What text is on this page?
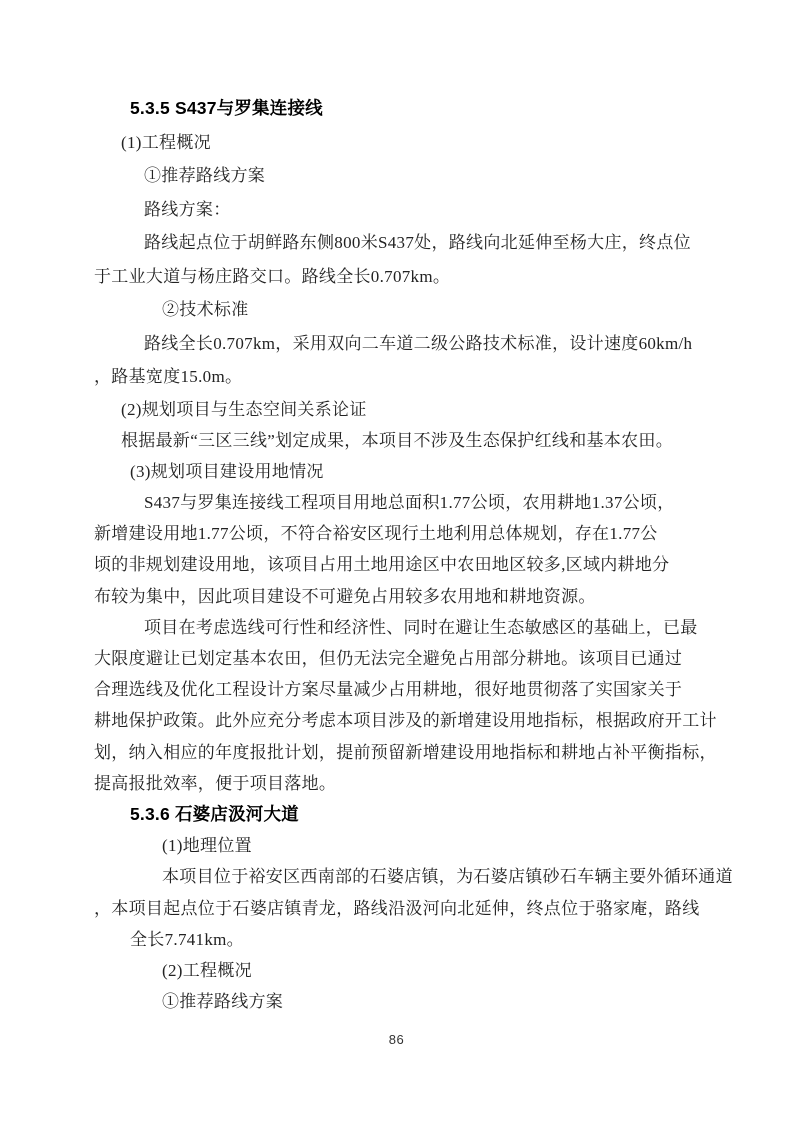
5.3.5 S437与罗集连接线
(1)工程概况
①推荐路线方案
路线方案：
路线起点位于胡鲜路东侧800米S437处，路线向北延伸至杨大庄，终点位
于工业大道与杨庄路交口。路线全长0.707km。
②技术标准
路线全长0.707km，采用双向二车道二级公路技术标准，设计速度60km/h
，路基宽度15.0m。
(2)规划项目与生态空间关系论证
根据最新“三区三线”划定成果，本项目不涉及生态保护红线和基本农田。
(3)规划项目建设用地情况
S437与罗集连接线工程项目用地总面积1.77公顷，农用耕地1.37公顷，
新增建设用地1.77公顷，不符合裕安区现行土地利用总体规划，存在1.77公
顷的非规划建设用地，该项目占用土地用途区中农田地区较多,区域内耕地分
布较为集中，因此项目建设不可避免占用较多农用地和耕地资源。
项目在考虑选线可行性和经济性、同时在避让生态敏感区的基础上，已最
大限度避让已划定基本农田，但仍无法完全避免占用部分耕地。该项目已通过
合理选线及优化工程设计方案尽量减少占用耕地，很好地贯彻落了实国家关于
耕地保护政策。此外应充分考虑本项目涉及的新增建设用地指标，根据政府开工计
划，纳入相应的年度报批计划，提前预留新增建设用地指标和耕地占补平衡指标，
提高报批效率，便于项目落地。
5.3.6 石婆店汲河大道
(1)地理位置
本项目位于裕安区西南部的石婆店镇，为石婆店镇砂石车辆主要外循环通道
，本项目起点位于石婆店镇青龙，路线沿汲河向北延伸，终点位于骆家庵，路线
全长7.741km。
(2)工程概况
①推荐路线方案
86
